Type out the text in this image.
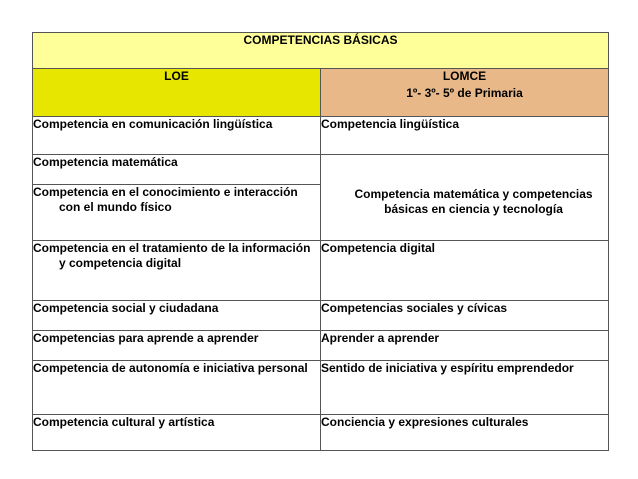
COMPETENCIAS BÁSICAS	
LOE	LOMCE
1º- 3º- 5º de Primaria

Competencia en comunicación lingüística	Competencia lingüística

Competencia matemática	Competencia matemática y competencias básicas en ciencia y tecnología

Competencia en el conocimiento e interacción con el mundo físico	

Competencia en el tratamiento de la información y competencia digital	Competencia digital

Competencia social y ciudadana	Competencias sociales y cívicas

Competencias para aprende a aprender	Aprender a aprender

Competencia de autonomía e iniciativa personal	Sentido de iniciativa y espíritu emprendedor

Competencia cultural y artística	Conciencia y expresiones culturales
